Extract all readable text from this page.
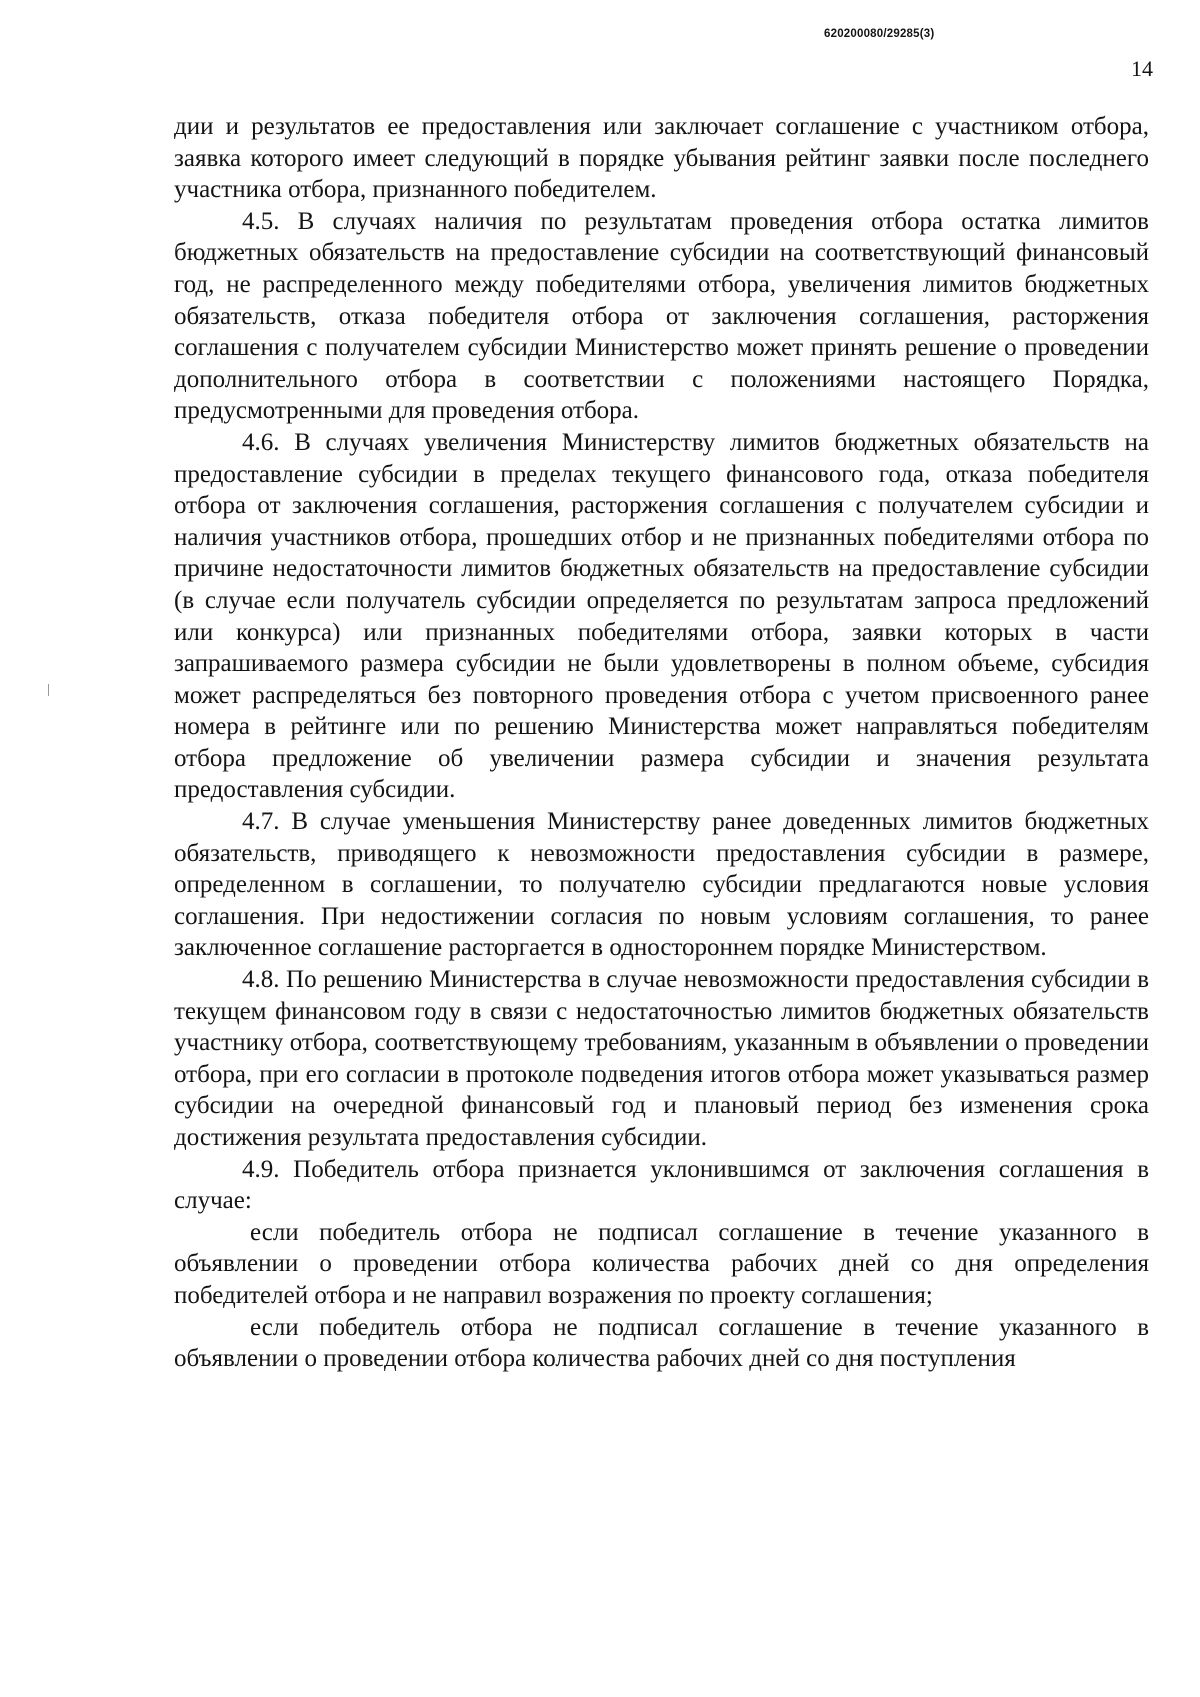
620200080/29285(3)
14

дии и результатов ее предоставления или заключает соглашение с участником отбора, заявка которого имеет следующий в порядке убывания рейтинг заявки после последнего участника отбора, признанного победителем.

4.5. В случаях наличия по результатам проведения отбора остатка лимитов бюджетных обязательств на предоставление субсидии на соответствующий финансовый год, не распределенного между победителями отбора, увеличения лимитов бюджетных обязательств, отказа победителя отбора от заключения соглашения, расторжения соглашения с получателем субсидии Министерство может принять решение о проведении дополнительного отбора в соответствии с положениями настоящего Порядка, предусмотренными для проведения отбора.

4.6. В случаях увеличения Министерству лимитов бюджетных обязательств на предоставление субсидии в пределах текущего финансового года, отказа победителя отбора от заключения соглашения, расторжения соглашения с получателем субсидии и наличия участников отбора, прошедших отбор и не признанных победителями отбора по причине недостаточности лимитов бюджетных обязательств на предоставление субсидии (в случае если получатель субсидии определяется по результатам запроса предложений или конкурса) или признанных победителями отбора, заявки которых в части запрашиваемого размера субсидии не были удовлетворены в полном объеме, субсидия может распределяться без повторного проведения отбора с учетом присвоенного ранее номера в рейтинге или по решению Министерства может направляться победителям отбора предложение об увеличении размера субсидии и значения результата предоставления субсидии.

4.7. В случае уменьшения Министерству ранее доведенных лимитов бюджетных обязательств, приводящего к невозможности предоставления субсидии в размере, определенном в соглашении, то получателю субсидии предлагаются новые условия соглашения. При недостижении согласия по новым условиям соглашения, то ранее заключенное соглашение расторгается в одностороннем порядке Министерством.

4.8. По решению Министерства в случае невозможности предоставления субсидии в текущем финансовом году в связи с недостаточностью лимитов бюджетных обязательств участнику отбора, соответствующему требованиям, указанным в объявлении о проведении отбора, при его согласии в протоколе подведения итогов отбора может указываться размер субсидии на очередной финансовый год и плановый период без изменения срока достижения результата предоставления субсидии.

4.9. Победитель отбора признается уклонившимся от заключения соглашения в случае:

если победитель отбора не подписал соглашение в течение указанного в объявлении о проведении отбора количества рабочих дней со дня определения победителей отбора и не направил возражения по проекту соглашения;

если победитель отбора не подписал соглашение в течение указанного в объявлении о проведении отбора количества рабочих дней со дня поступления
